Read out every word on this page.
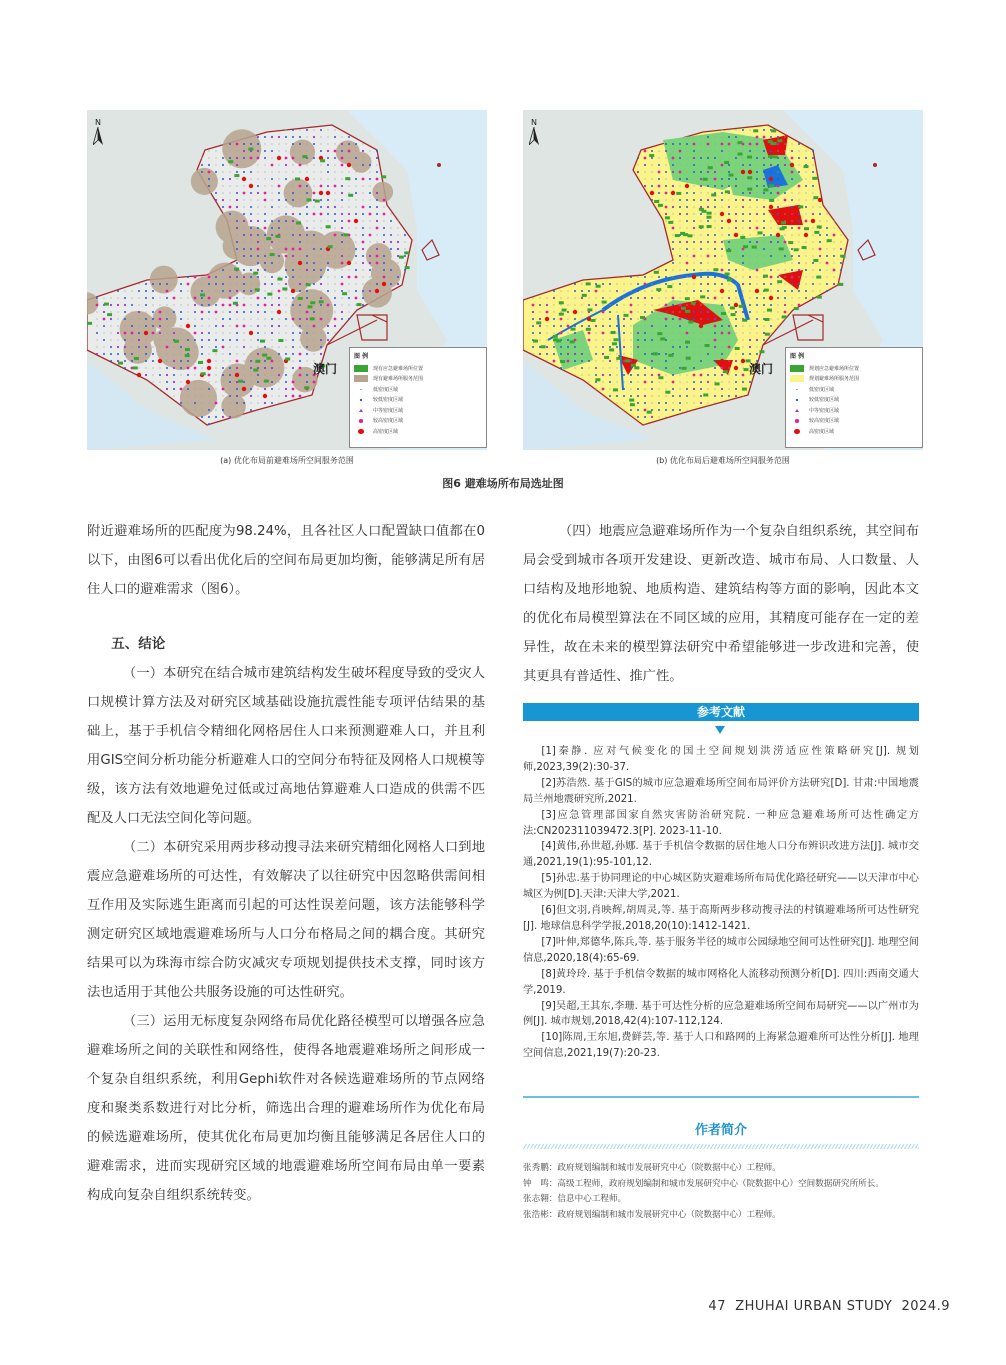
N
澳门
图 例
现有应急避难场所位置
现有避难场所服务范围
低密度区域
较低密度区域
中等密度区域
较高密度区域
高密度区域
(a) 优化布局前避难场所空间服务范围
N
澳门
图 例
规划应急避难场所位置
规划避难场所服务范围
低密度区域
较低密度区域
中等密度区域
较高密度区域
高密度区域
(b) 优化布局后避难场所空间服务范围
图6 避难场所布局选址图

附近避难场所的匹配度为98.24%，且各社区人口配置缺口值都在0以下，由图6可以看出优化后的空间布局更加均衡，能够满足所有居住人口的避难需求（图6）。

五、结论

（一）本研究在结合城市建筑结构发生破坏程度导致的受灾人口规模计算方法及对研究区域基础设施抗震性能专项评估结果的基础上，基于手机信令精细化网格居住人口来预测避难人口，并且利用GIS空间分析功能分析避难人口的空间分布特征及网格人口规模等级，该方法有效地避免过低或过高地估算避难人口造成的供需不匹配及人口无法空间化等问题。

（二）本研究采用两步移动搜寻法来研究精细化网格人口到地震应急避难场所的可达性，有效解决了以往研究中因忽略供需间相互作用及实际逃生距离而引起的可达性误差问题，该方法能够科学测定研究区域地震避难场所与人口分布格局之间的耦合度。其研究结果可以为珠海市综合防灾减灾专项规划提供技术支撑，同时该方法也适用于其他公共服务设施的可达性研究。

（三）运用无标度复杂网络布局优化路径模型可以增强各应急避难场所之间的关联性和网络性，使得各地震避难场所之间形成一个复杂自组织系统，利用Gephi软件对各候选避难场所的节点网络度和聚类系数进行对比分析，筛选出合理的避难场所作为优化布局的候选避难场所，使其优化布局更加均衡且能够满足各居住人口的避难需求，进而实现研究区域的地震避难场所空间布局由单一要素构成向复杂自组织系统转变。

（四）地震应急避难场所作为一个复杂自组织系统，其空间布局会受到城市各项开发建设、更新改造、城市布局、人口数量、人口结构及地形地貌、地质构造、建筑结构等方面的影响，因此本文的优化布局模型算法在不同区域的应用，其精度可能存在一定的差异性，故在未来的模型算法研究中希望能够进一步改进和完善，使其更具有普适性、推广性。

参考文献

[1]秦静. 应对气候变化的国土空间规划洪涝适应性策略研究[J]. 规划师,2023,39(2):30-37.

[2]苏浩然. 基于GIS的城市应急避难场所空间布局评价方法研究[D]. 甘肃:中国地震局兰州地震研究所,2021.

[3]应急管理部国家自然灾害防治研究院. 一种应急避难场所可达性确定方法:CN202311039472.3[P]. 2023-11-10.

[4]黄伟,孙世超,孙娜. 基于手机信令数据的居住地人口分布辨识改进方法[J]. 城市交通,2021,19(1):95-101,12.

[5]孙忠.基于协同理论的中心城区防灾避难场所布局优化路径研究——以天津市中心城区为例[D].天津:天津大学,2021.

[6]但文羽,肖映辉,胡周灵,等. 基于高斯两步移动搜寻法的村镇避难场所可达性研究[J]. 地球信息科学学报,2018,20(10):1412-1421.

[7]叶伸,郑德华,陈兵,等. 基于服务半径的城市公园绿地空间可达性研究[J]. 地理空间信息,2020,18(4):65-69.

[8]黄玲玲. 基于手机信令数据的城市网格化人流移动预测分析[D]. 四川:西南交通大学,2019.

[9]吴超,王其东,李珊. 基于可达性分析的应急避难场所空间布局研究——以广州市为例[J]. 城市规划,2018,42(4):107-112,124.

[10]陈周,王东旭,费鲜芸,等. 基于人口和路网的上海紧急避难所可达性分析[J]. 地理空间信息,2021,19(7):20-23.

作者简介

张秀鹏：政府规划编制和城市发展研究中心（院数据中心）工程师。

钟　鸣：高级工程师，政府规划编制和城市发展研究中心（院数据中心）空间数据研究所所长。

张志翱：信息中心工程师。

张浩彬：政府规划编制和城市发展研究中心（院数据中心）工程师。

47 ZHUHAI URBAN STUDY 2024.9
